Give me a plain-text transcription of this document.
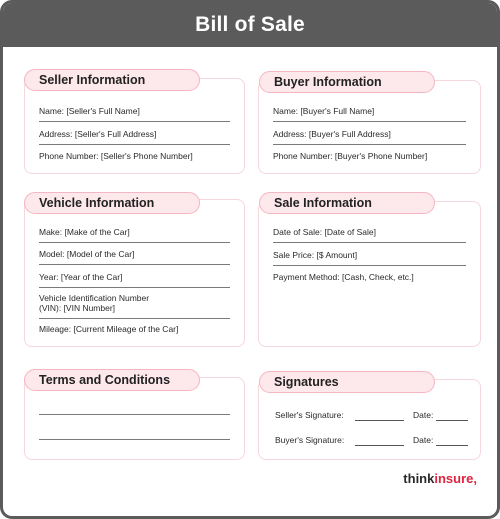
Bill of Sale
Name: [Seller's Full Name]
Address: [Seller's Full Address]
Phone Number: [Seller's Phone Number]
Seller Information
Name: [Buyer's Full Name]
Address: [Buyer's Full Address]
Phone Number: [Buyer's Phone Number]
Buyer Information
Make: [Make of the Car]
Model: [Model of the Car]
Year: [Year of the Car]
Vehicle Identification Number
(VIN): [VIN Number]
Mileage: [Current Mileage of the Car]
Vehicle Information
Date of Sale: [Date of Sale]
Sale Price: [$ Amount]
Payment Method: [Cash, Check, etc.]
Sale Information
Terms and Conditions
Seller's Signature:	Date:
Buyer's Signature:	Date:
Signatures
thinkinsure,
